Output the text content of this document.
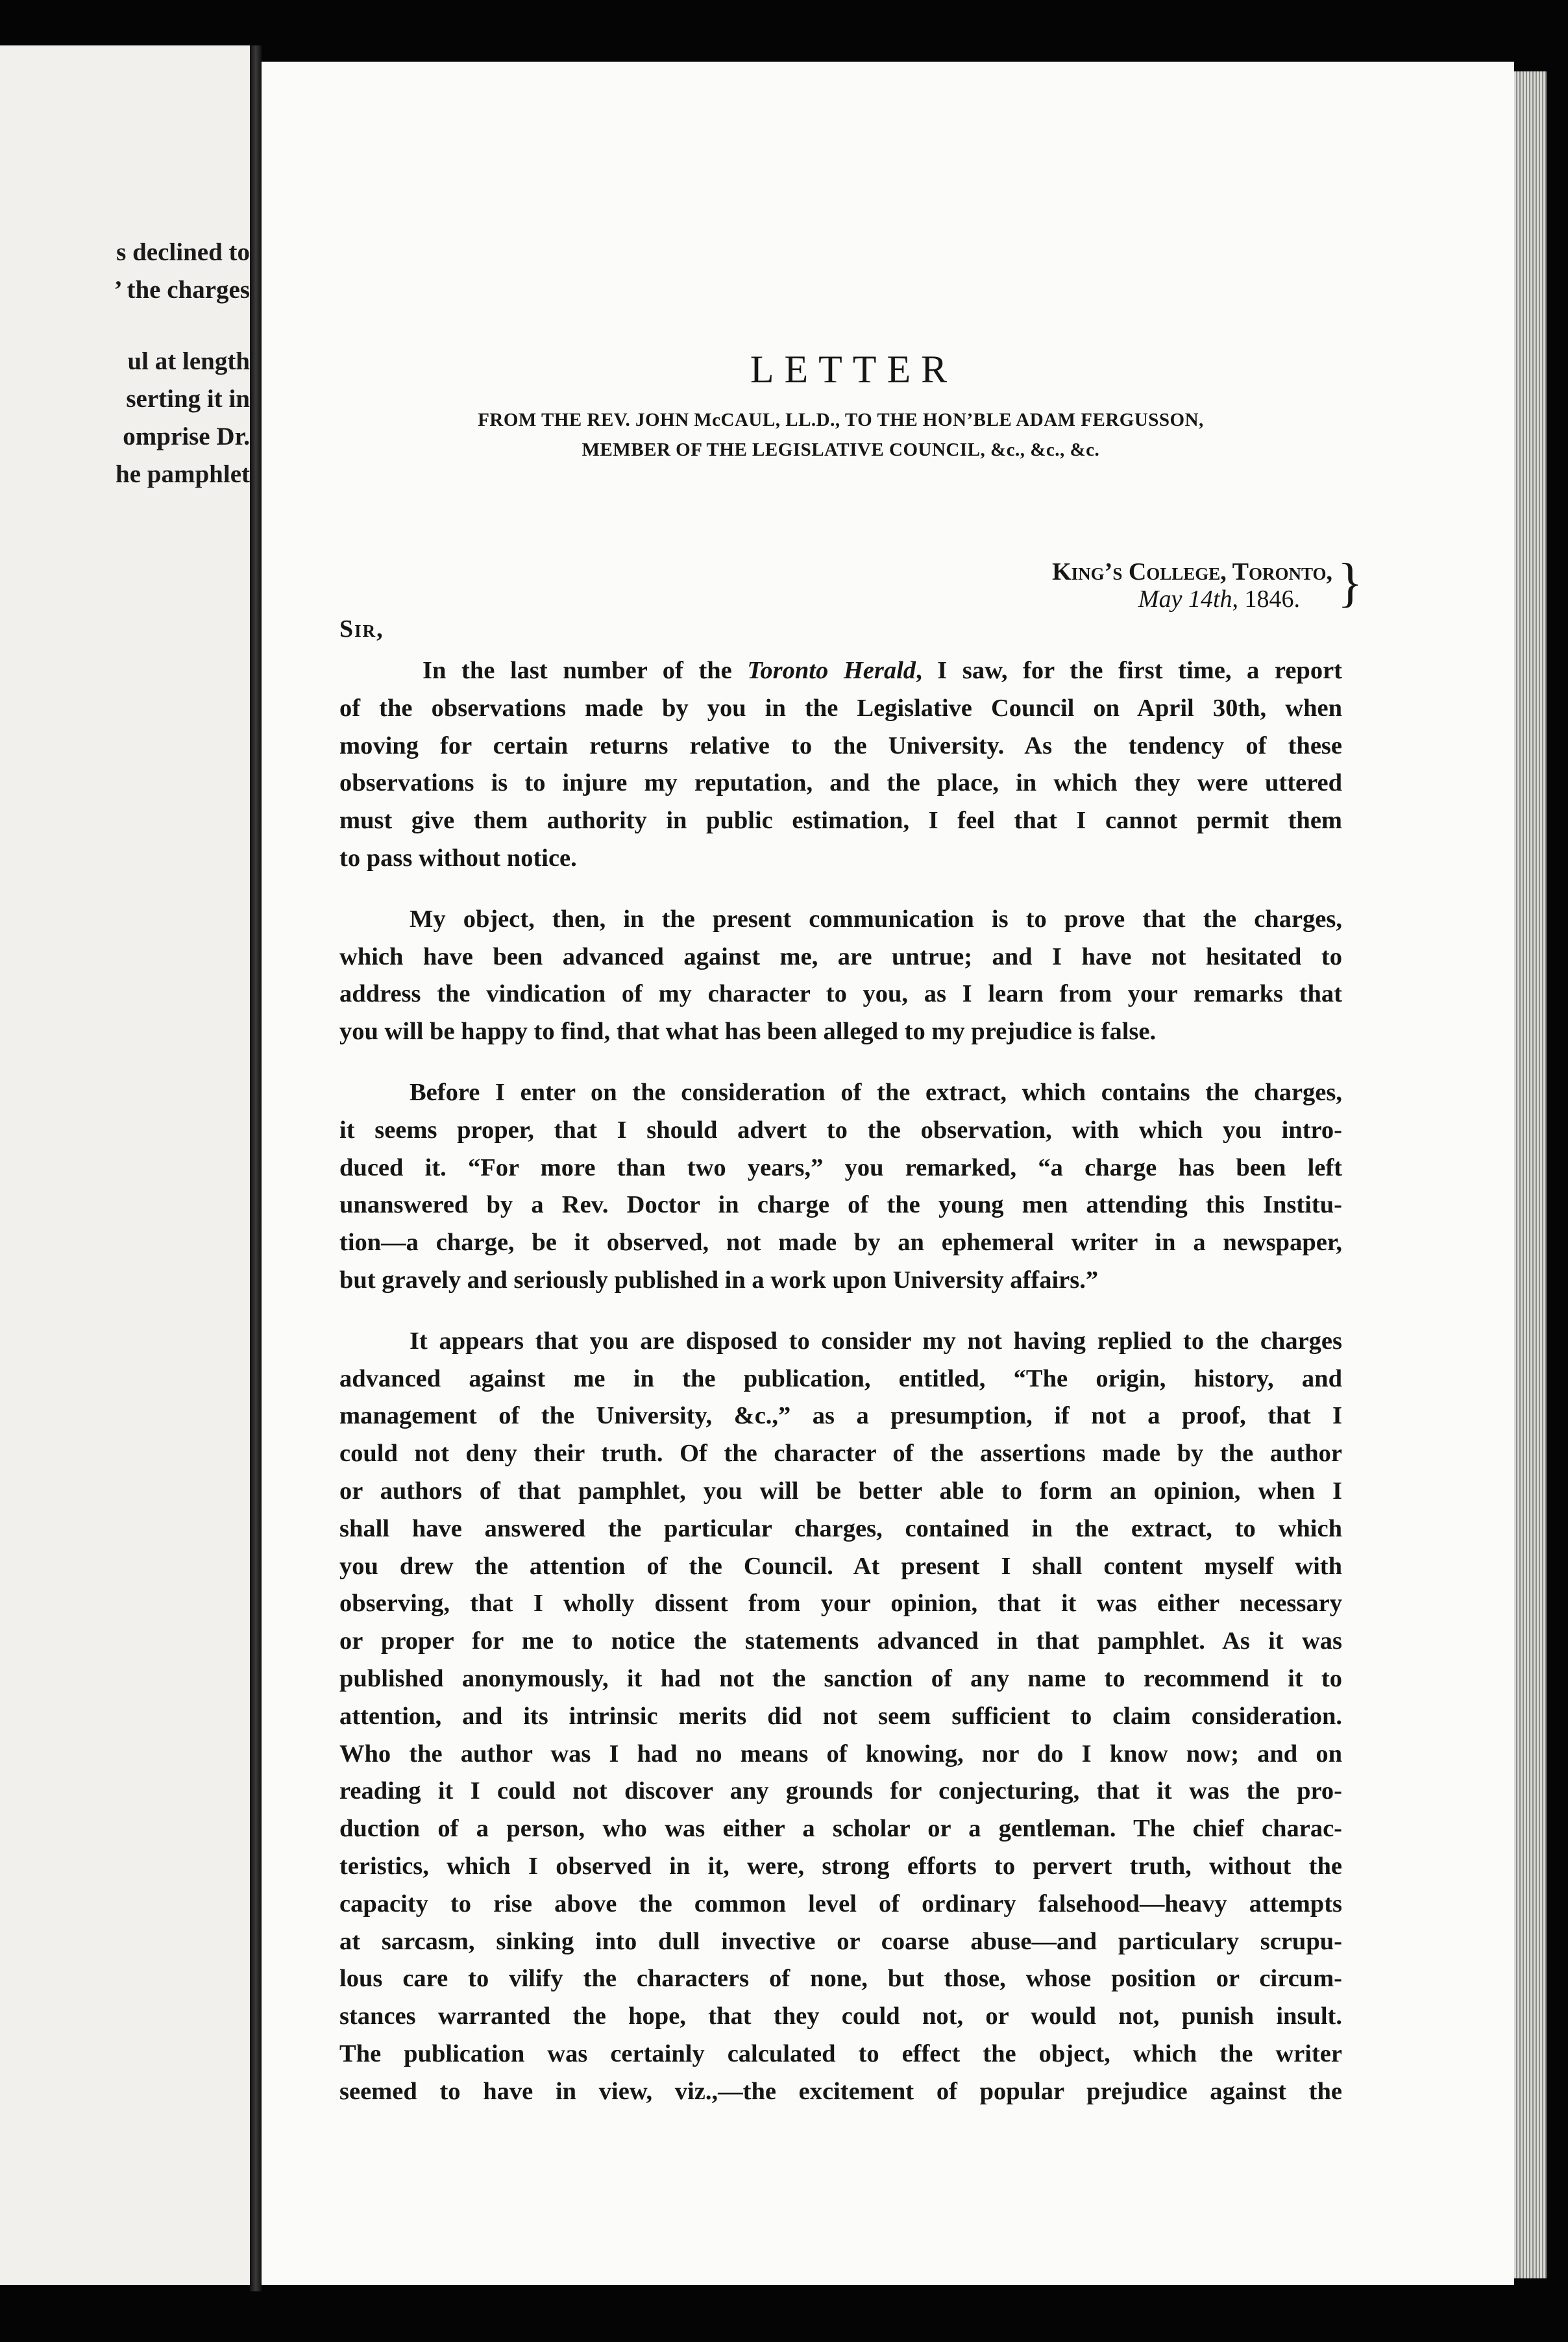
s declined to
’ the charges
ul at length
serting it in
omprise Dr.
he pamphlet
LETTER
FROM THE REV. JOHN McCAUL, LL.D., TO THE HON’BLE ADAM FERGUSSON,
MEMBER OF THE LEGISLATIVE COUNCIL, &c., &c., &c.
King’s College, Toronto,
May 14th, 1846. }
Sir,
In the last number of the Toronto Herald, I saw, for the first time, a report
of the observations made by you in the Legislative Council on April 30th, when
moving for certain returns relative to the University. As the tendency of these
observations is to injure my reputation, and the place, in which they were uttered
must give them authority in public estimation, I feel that I cannot permit them
to pass without notice.
My object, then, in the present communication is to prove that the charges,
which have been advanced against me, are untrue; and I have not hesitated to
address the vindication of my character to you, as I learn from your remarks that
you will be happy to find, that what has been alleged to my prejudice is false.
Before I enter on the consideration of the extract, which contains the charges,
it seems proper, that I should advert to the observation, with which you intro-
duced it. “For more than two years,” you remarked, “a charge has been left
unanswered by a Rev. Doctor in charge of the young men attending this Institu-
tion—a charge, be it observed, not made by an ephemeral writer in a newspaper,
but gravely and seriously published in a work upon University affairs.”
It appears that you are disposed to consider my not having replied to the charges
advanced against me in the publication, entitled, “The origin, history, and
management of the University, &c.,” as a presumption, if not a proof, that I
could not deny their truth. Of the character of the assertions made by the author
or authors of that pamphlet, you will be better able to form an opinion, when I
shall have answered the particular charges, contained in the extract, to which
you drew the attention of the Council. At present I shall content myself with
observing, that I wholly dissent from your opinion, that it was either necessary
or proper for me to notice the statements advanced in that pamphlet. As it was
published anonymously, it had not the sanction of any name to recommend it to
attention, and its intrinsic merits did not seem sufficient to claim consideration.
Who the author was I had no means of knowing, nor do I know now; and on
reading it I could not discover any grounds for conjecturing, that it was the pro-
duction of a person, who was either a scholar or a gentleman. The chief charac-
teristics, which I observed in it, were, strong efforts to pervert truth, without the
capacity to rise above the common level of ordinary falsehood—heavy attempts
at sarcasm, sinking into dull invective or coarse abuse—and particulary scrupu-
lous care to vilify the characters of none, but those, whose position or circum-
stances warranted the hope, that they could not, or would not, punish insult.
The publication was certainly calculated to effect the object, which the writer
seemed to have in view, viz.,—the excitement of popular prejudice against the
